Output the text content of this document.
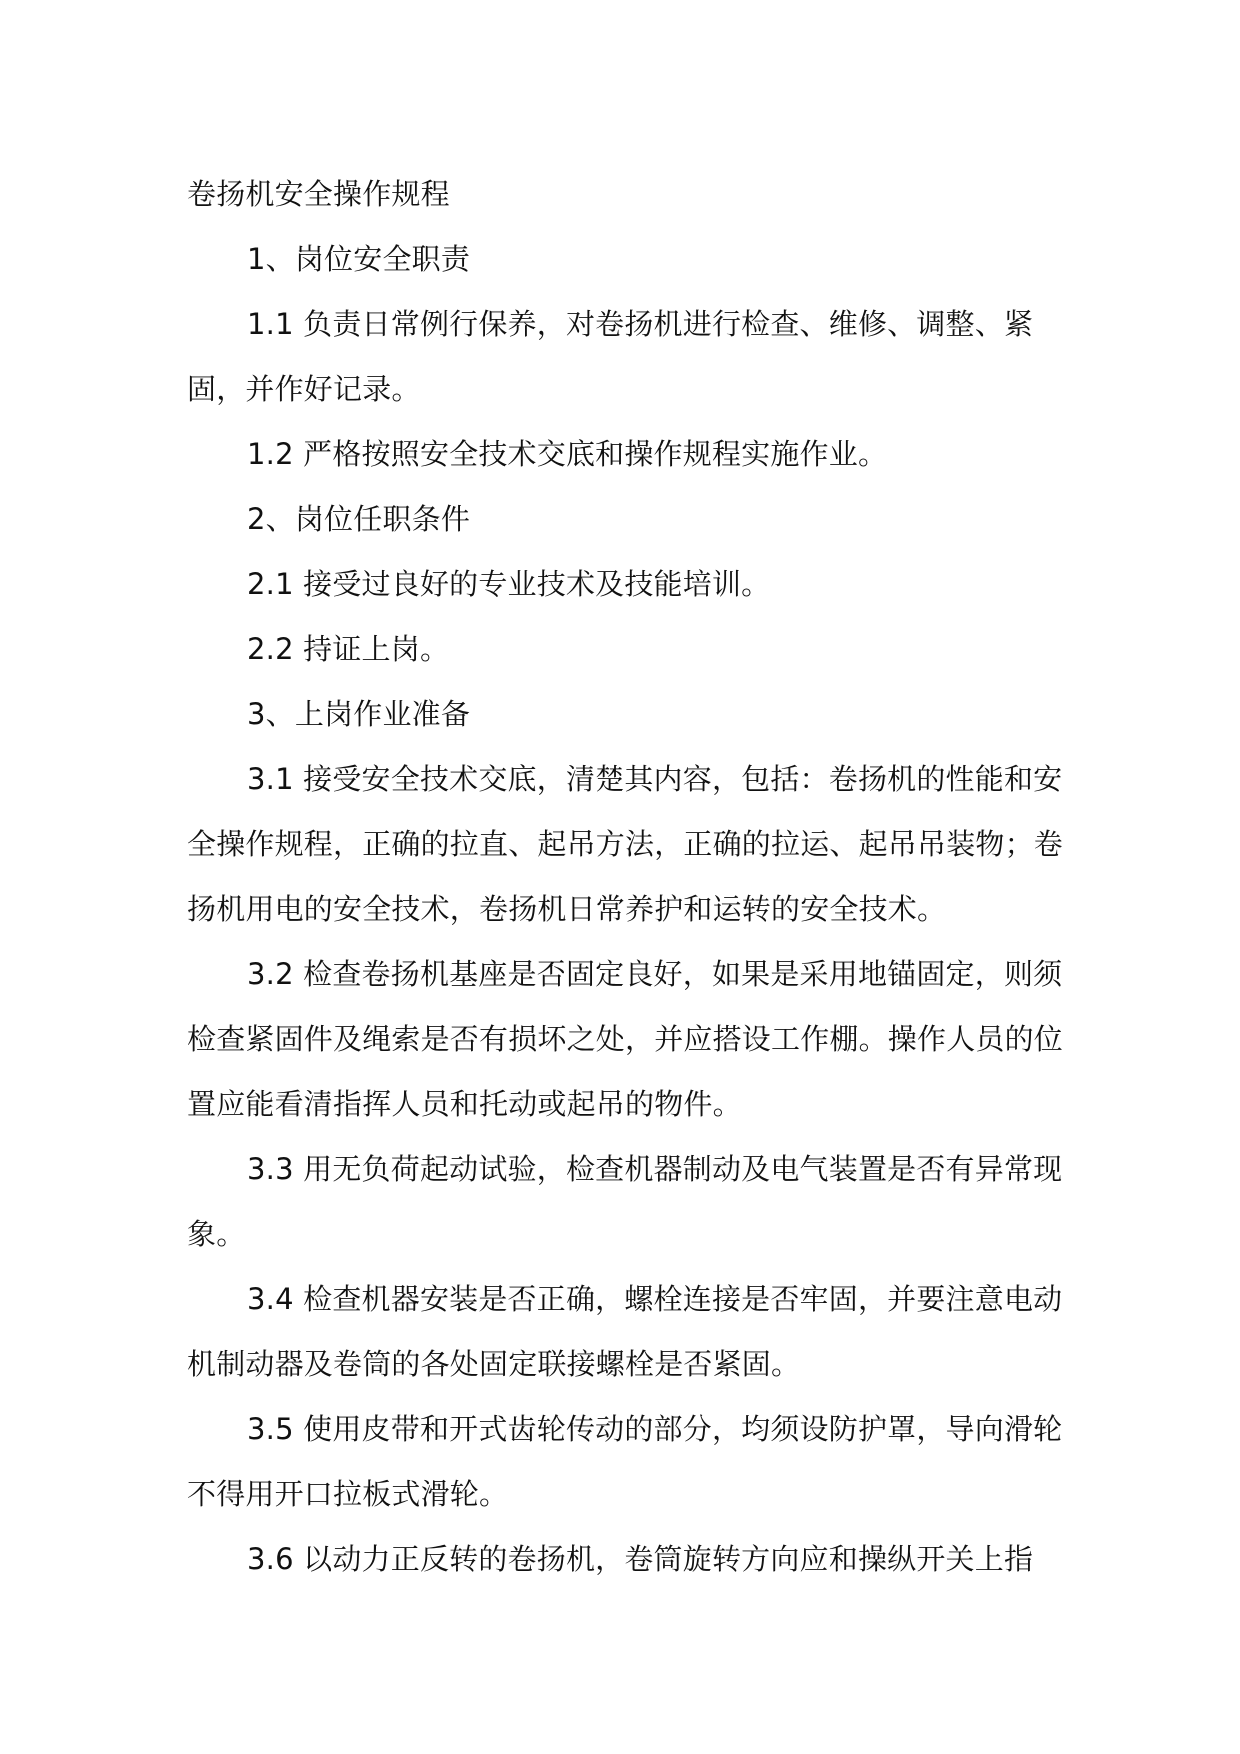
卷扬机安全操作规程

1、岗位安全职责

1.1 负责日常例行保养，对卷扬机进行检查、维修、调整、紧固，并作好记录。

1.2 严格按照安全技术交底和操作规程实施作业。

2、岗位任职条件

2.1 接受过良好的专业技术及技能培训。

2.2 持证上岗。

3、上岗作业准备

3.1 接受安全技术交底，清楚其内容，包括：卷扬机的性能和安全操作规程，正确的拉直、起吊方法，正确的拉运、起吊吊装物；卷扬机用电的安全技术，卷扬机日常养护和运转的安全技术。

3.2 检查卷扬机基座是否固定良好，如果是采用地锚固定，则须检查紧固件及绳索是否有损坏之处，并应搭设工作棚。操作人员的位置应能看清指挥人员和托动或起吊的物件。

3.3 用无负荷起动试验，检查机器制动及电气装置是否有异常现象。

3.4 检查机器安装是否正确，螺栓连接是否牢固，并要注意电动机制动器及卷筒的各处固定联接螺栓是否紧固。

3.5 使用皮带和开式齿轮传动的部分，均须设防护罩，导向滑轮不得用开口拉板式滑轮。

3.6 以动力正反转的卷扬机，卷筒旋转方向应和操纵开关上指
